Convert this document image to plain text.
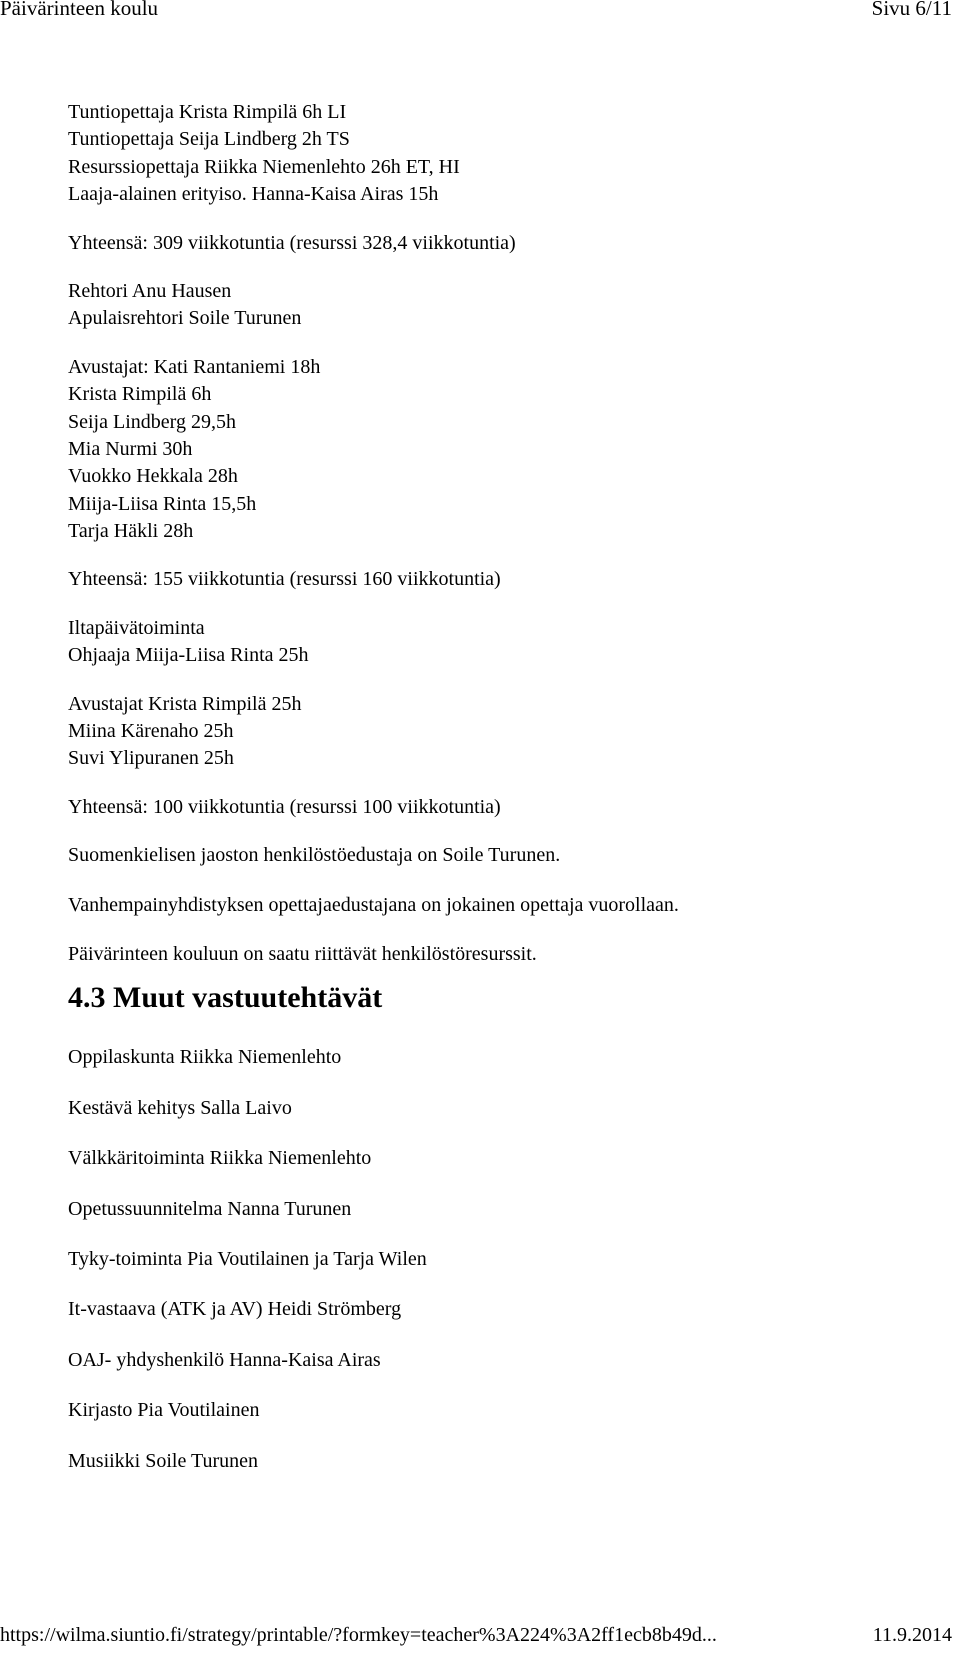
Päivärinteen koulu	Sivu 6/11
Tuntiopettaja Krista Rimpilä 6h LI
Tuntiopettaja Seija Lindberg 2h TS
Resurssiopettaja Riikka Niemenlehto 26h ET, HI
Laaja-alainen erityiso. Hanna-Kaisa Airas 15h
Yhteensä: 309 viikkotuntia (resurssi 328,4 viikkotuntia)
Rehtori Anu Hausen
Apulaisrehtori Soile Turunen
Avustajat: Kati Rantaniemi 18h
Krista Rimpilä 6h
Seija Lindberg 29,5h
Mia Nurmi 30h
Vuokko Hekkala 28h
Miija-Liisa Rinta 15,5h
Tarja Häkli 28h
Yhteensä: 155 viikkotuntia (resurssi 160 viikkotuntia)
Iltapäivätoiminta
Ohjaaja Miija-Liisa Rinta 25h
Avustajat Krista Rimpilä 25h
Miina Kärenaho 25h
Suvi Ylipuranen 25h
Yhteensä: 100 viikkotuntia (resurssi 100 viikkotuntia)
Suomenkielisen jaoston henkilöstöedustaja on Soile Turunen.
Vanhempainyhdistyksen opettajaedustajana on jokainen opettaja vuorollaan.
Päivärinteen kouluun on saatu riittävät henkilöstöresurssit.
4.3 Muut vastuutehtävät
Oppilaskunta Riikka Niemenlehto
Kestävä kehitys Salla Laivo
Välkkäritoiminta Riikka Niemenlehto
Opetussuunnitelma Nanna Turunen
Tyky-toiminta Pia Voutilainen ja Tarja Wilen
It-vastaava (ATK ja AV) Heidi Strömberg
OAJ- yhdyshenkilö Hanna-Kaisa Airas
Kirjasto Pia Voutilainen
Musiikki Soile Turunen
https://wilma.siuntio.fi/strategy/printable/?formkey=teacher%3A224%3A2ff1ecb8b49d...	11.9.2014
